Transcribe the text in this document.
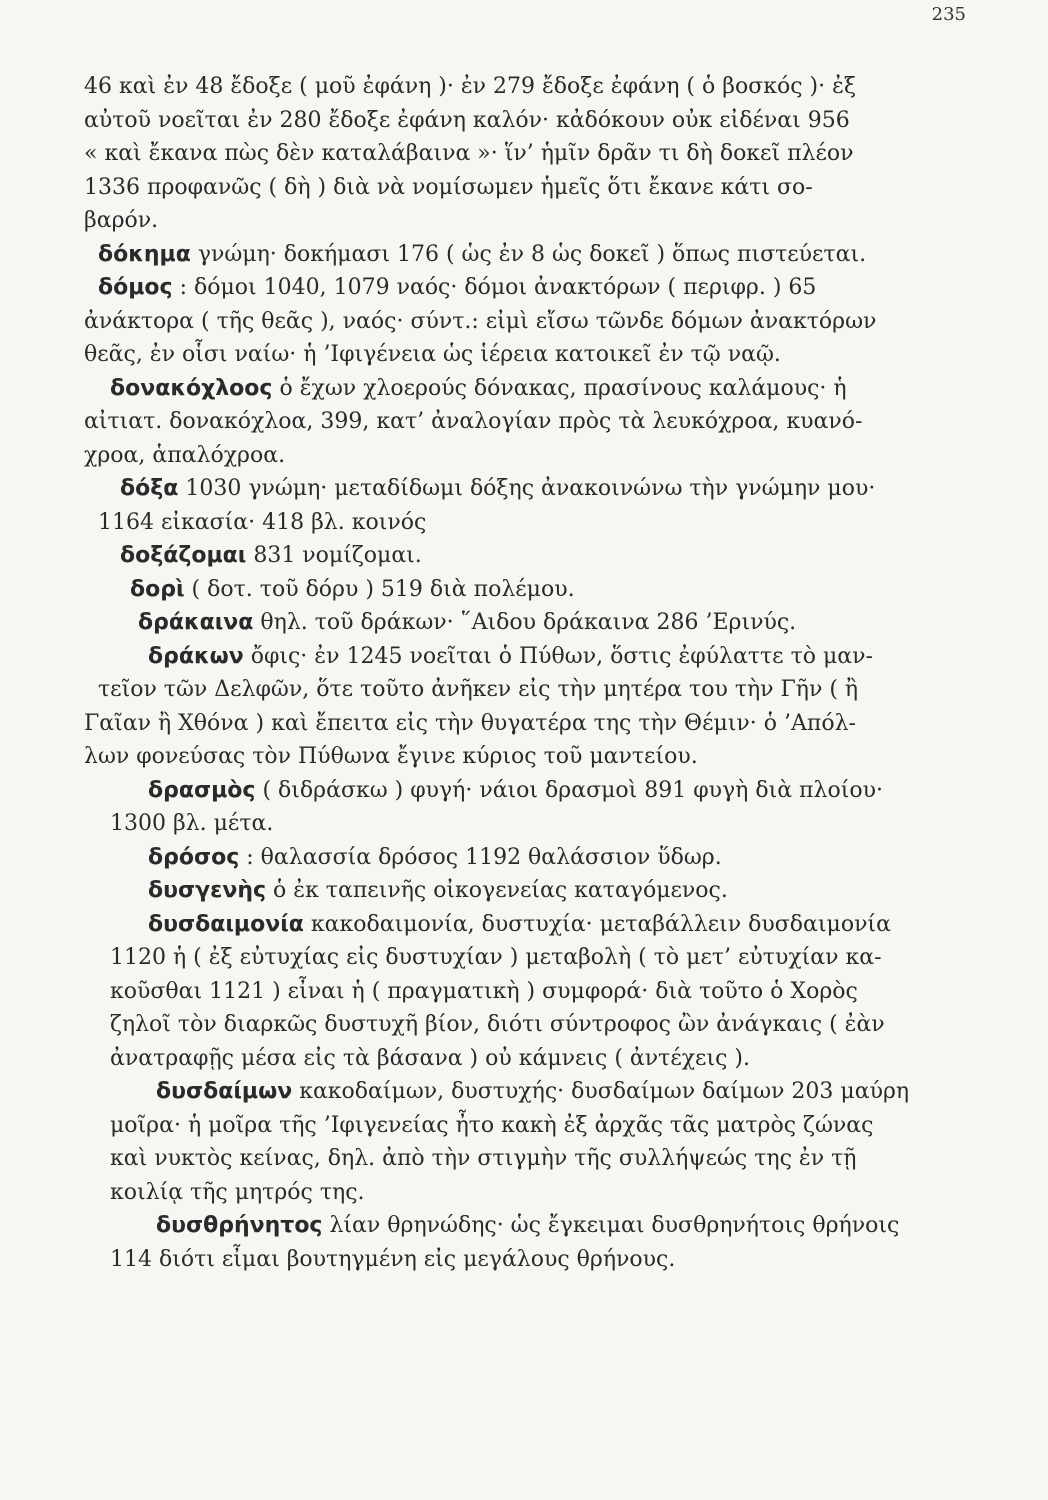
235
46 καὶ ἐν 48 ἔδοξε ( μοῦ ἐφάνη )· ἐν 279 ἔδοξε ἐφάνη ( ὁ βοσκός )· ἐξ
αὐτοῦ νοεῖται ἐν 280 ἔδοξε ἐφάνη καλόν· κἀδόκουν οὐκ εἰδέναι 956
« καὶ ἔκανα πὼς δὲν καταλάβαινα »· ἵν’ ἡμῖν δρᾶν τι δὴ δοκεῖ πλέον
1336 προφανῶς ( δὴ ) διὰ νὰ νομίσωμεν ἡμεῖς ὅτι ἔκανε κάτι σο-
βαρόν.
δόκημα γνώμη· δοκήμασι 176 ( ὡς ἐν 8 ὡς δοκεῖ ) ὅπως πιστεύεται.
δόμος : δόμοι 1040, 1079 ναός· δόμοι ἀνακτόρων ( περιφρ. ) 65
ἀνάκτορα ( τῆς θεᾶς ), ναός· σύντ.: εἰμὶ εἴσω τῶνδε δόμων ἀνακτόρων
θεᾶς, ἐν οἷσι ναίω· ἡ ’Ιφιγένεια ὡς ἱέρεια κατοικεῖ ἐν τῷ ναῷ.
δονακόχλοος ὁ ἔχων χλοερούς δόνακας, πρασίνους καλάμους· ἡ
αἰτιατ. δονακόχλοα, 399, κατ’ ἀναλογίαν πρὸς τὰ λευκόχροα, κυανό-
χροα, ἁπαλόχροα.
δόξα 1030 γνώμη· μεταδίδωμι δόξης ἀνακοινώνω τὴν γνώμην μου·
1164 εἰκασία· 418 βλ. κοινός
δοξάζομαι 831 νομίζομαι.
δορὶ ( δοτ. τοῦ δόρυ ) 519 διὰ πολέμου.
δράκαινα θηλ. τοῦ δράκων· ῞Αιδου δράκαινα 286 ’Ερινύς.
δράκων ὄφις· ἐν 1245 νοεῖται ὁ Πύθων, ὅστις ἐφύλαττε τὸ μαν-
τεῖον τῶν Δελφῶν, ὅτε τοῦτο ἀνῆκεν εἰς τὴν μητέρα του τὴν Γῆν ( ἢ
Γαῖαν ἢ Χθόνα ) καὶ ἔπειτα εἰς τὴν θυγατέρα της τὴν Θέμιν· ὁ ’Απόλ-
λων φονεύσας τὸν Πύθωνα ἔγινε κύριος τοῦ μαντείου.
δρασμὸς ( διδράσκω ) φυγή· νάιοι δρασμοὶ 891 φυγὴ διὰ πλοίου·
1300 βλ. μέτα.
δρόσος : θαλασσία δρόσος 1192 θαλάσσιον ὕδωρ.
δυσγενὴς ὁ ἐκ ταπεινῆς οἰκογενείας καταγόμενος.
δυσδαιμονία κακοδαιμονία, δυστυχία· μεταβάλλειν δυσδαιμονία
1120 ἡ ( ἐξ εὐτυχίας εἰς δυστυχίαν ) μεταβολὴ ( τὸ μετ’ εὐτυχίαν κα-
κοῦσθαι 1121 ) εἶναι ἡ ( πραγματικὴ ) συμφορά· διὰ τοῦτο ὁ Χορὸς
ζηλοῖ τὸν διαρκῶς δυστυχῆ βίον, διότι σύντροφος ὢν ἀνάγκαις ( ἐὰν
ἀνατραφῇς μέσα εἰς τὰ βάσανα ) οὐ κάμνεις ( ἀντέχεις ).
δυσδαίμων κακοδαίμων, δυστυχής· δυσδαίμων δαίμων 203 μαύρη
μοῖρα· ἡ μοῖρα τῆς ’Ιφιγενείας ἦτο κακὴ ἐξ ἀρχᾶς τᾶς ματρὸς ζώνας
καὶ νυκτὸς κείνας, δηλ. ἀπὸ τὴν στιγμὴν τῆς συλλήψεώς της ἐν τῇ
κοιλίᾳ τῆς μητρός της.
δυσθρήνητος λίαν θρηνώδης· ὡς ἔγκειμαι δυσθρηνήτοις θρήνοις
114 διότι εἶμαι βουτηγμένη εἰς μεγάλους θρήνους.
